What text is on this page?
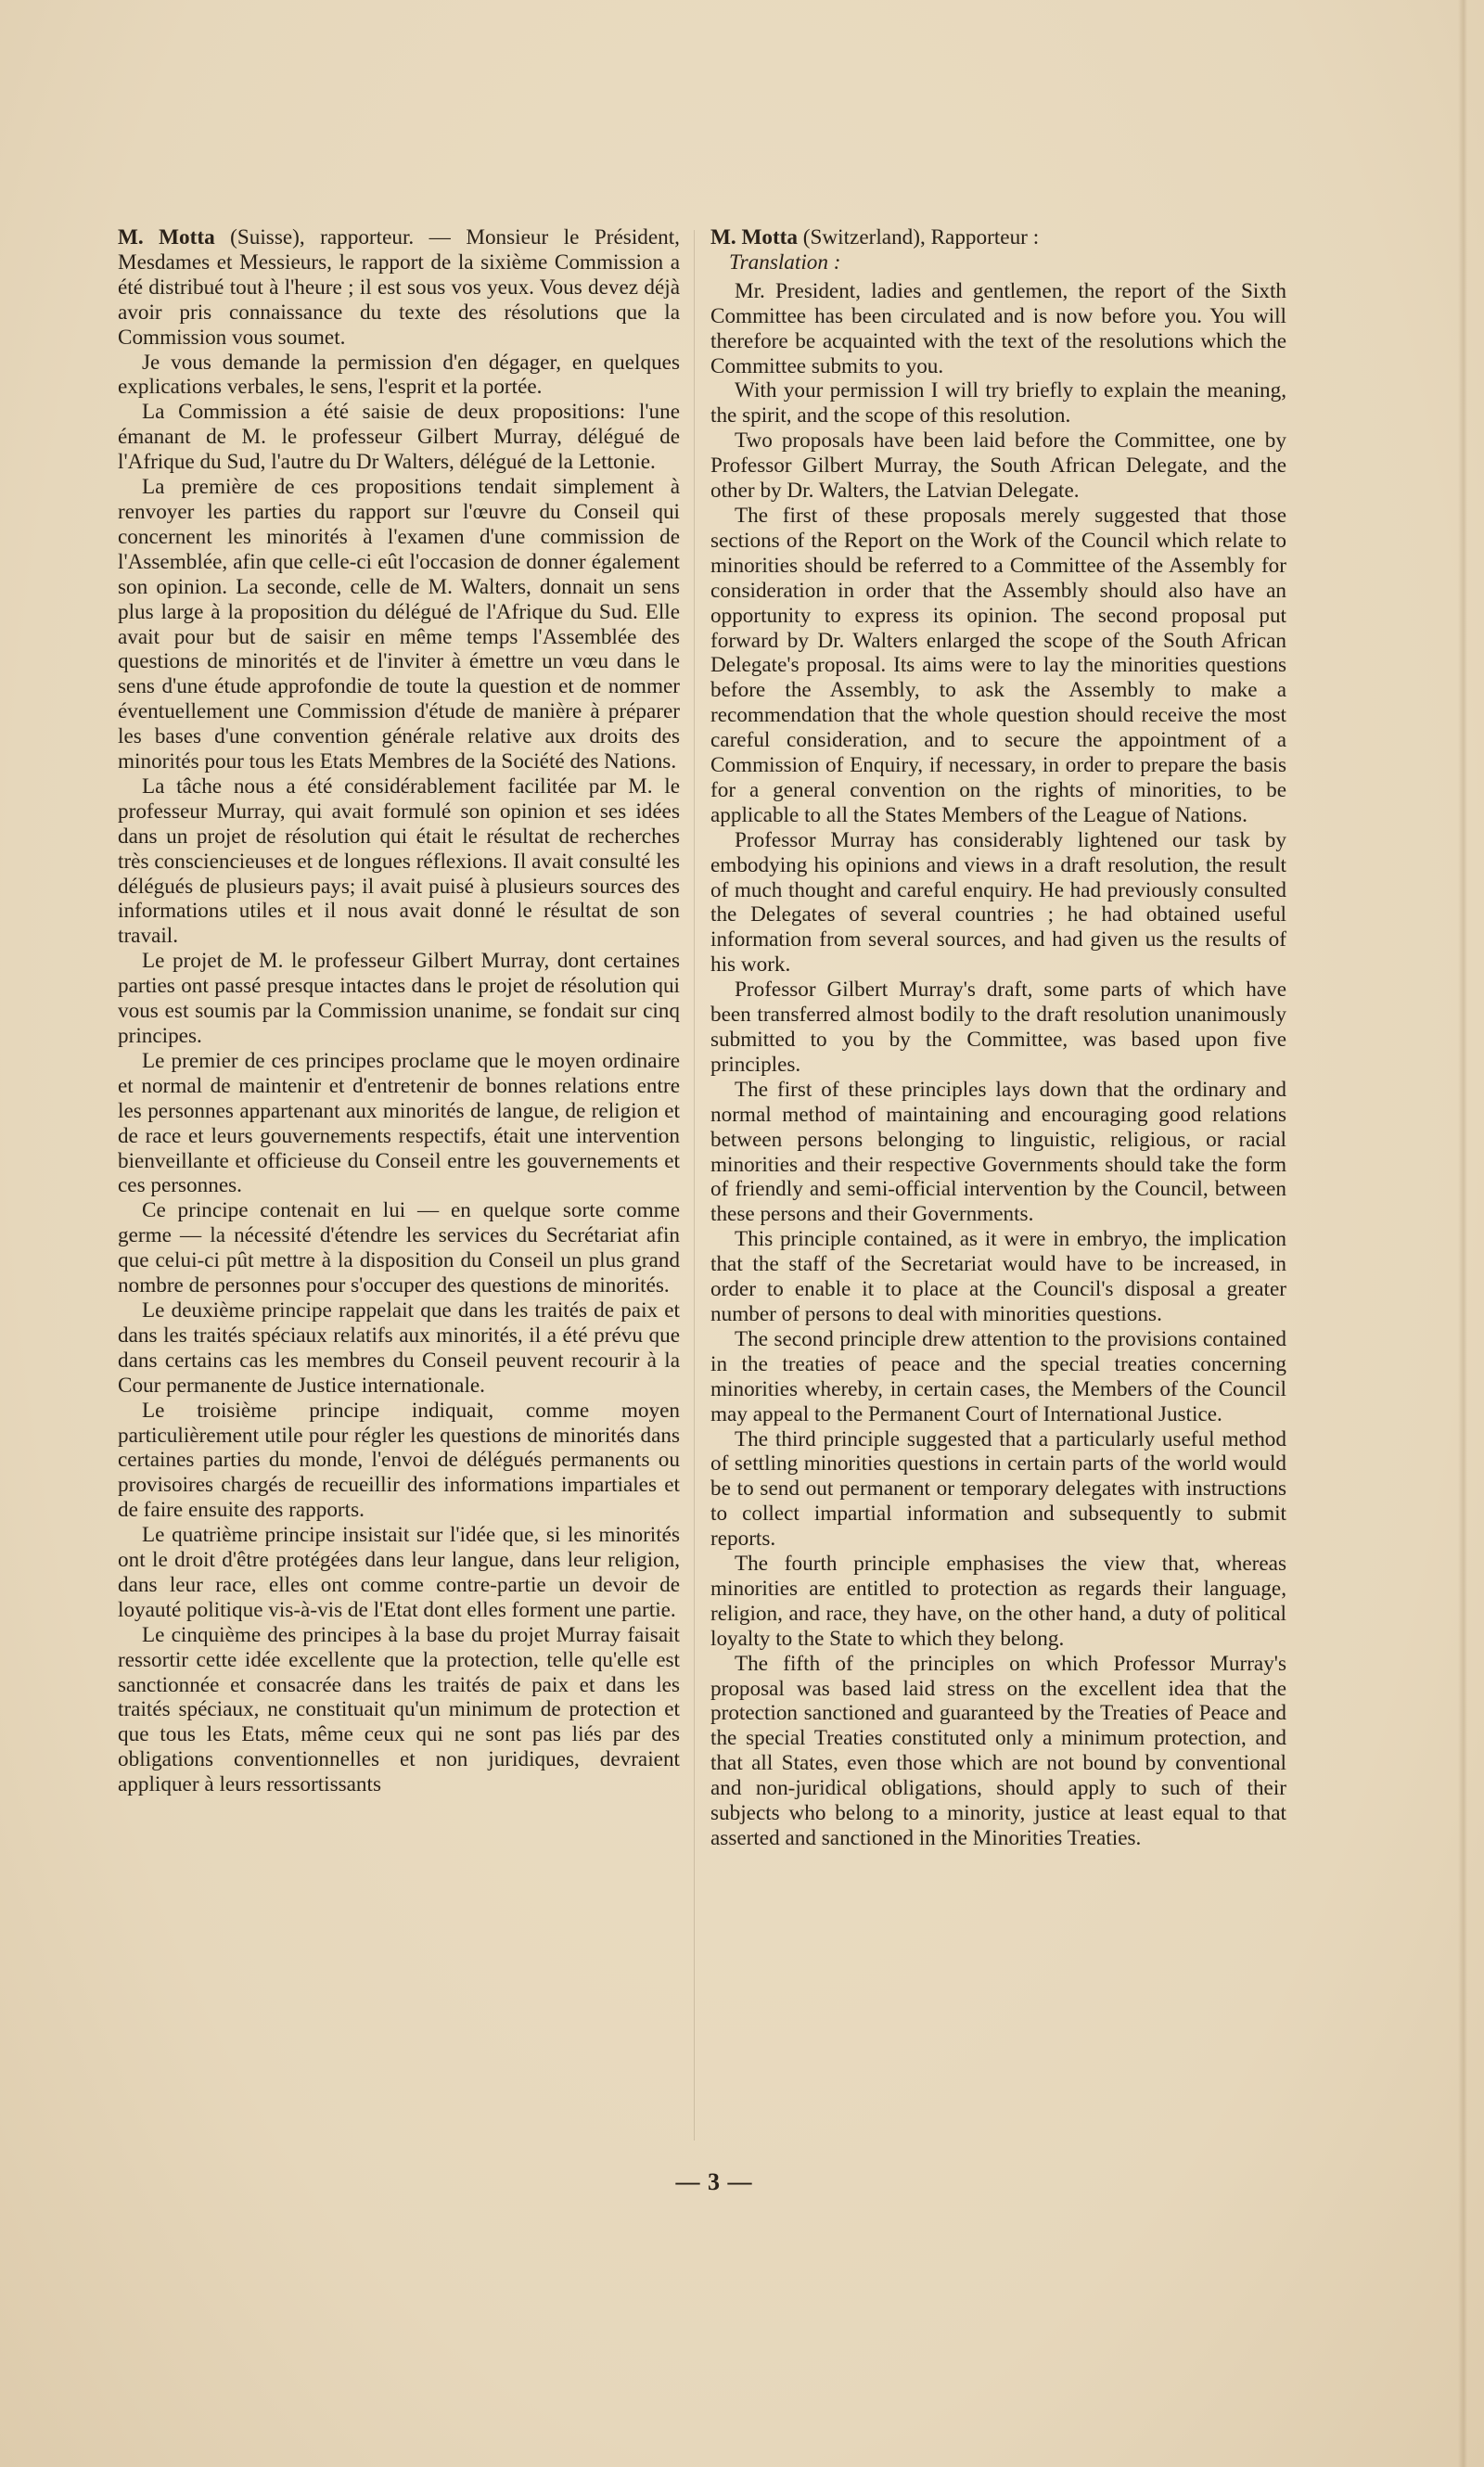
M. Motta (Suisse), rapporteur. — Monsieur le Président, Mesdames et Messieurs, le rapport de la sixième Commission a été distribué tout à l'heure ; il est sous vos yeux. Vous devez déjà avoir pris connaissance du texte des résolutions que la Commission vous soumet.

Je vous demande la permission d'en dégager, en quelques explications verbales, le sens, l'esprit et la portée.

La Commission a été saisie de deux propositions: l'une émanant de M. le professeur Gilbert Murray, délégué de l'Afrique du Sud, l'autre du Dr Walters, délégué de la Lettonie.

La première de ces propositions tendait simplement à renvoyer les parties du rapport sur l'œuvre du Conseil qui concernent les minorités à l'examen d'une commission de l'Assemblée, afin que celle-ci eût l'occasion de donner également son opinion. La seconde, celle de M. Walters, donnait un sens plus large à la proposition du délégué de l'Afrique du Sud. Elle avait pour but de saisir en même temps l'Assemblée des questions de minorités et de l'inviter à émettre un vœu dans le sens d'une étude approfondie de toute la question et de nommer éventuellement une Commission d'étude de manière à préparer les bases d'une convention générale relative aux droits des minorités pour tous les Etats Membres de la Société des Nations.

La tâche nous a été considérablement facilitée par M. le professeur Murray, qui avait formulé son opinion et ses idées dans un projet de résolution qui était le résultat de recherches très consciencieuses et de longues réflexions. Il avait consulté les délégués de plusieurs pays; il avait puisé à plusieurs sources des informations utiles et il nous avait donné le résultat de son travail.

Le projet de M. le professeur Gilbert Murray, dont certaines parties ont passé presque intactes dans le projet de résolution qui vous est soumis par la Commission unanime, se fondait sur cinq principes.

Le premier de ces principes proclame que le moyen ordinaire et normal de maintenir et d'entretenir de bonnes relations entre les personnes appartenant aux minorités de langue, de religion et de race et leurs gouvernements respectifs, était une intervention bienveillante et officieuse du Conseil entre les gouvernements et ces personnes.

Ce principe contenait en lui — en quelque sorte comme germe — la nécessité d'étendre les services du Secrétariat afin que celui-ci pût mettre à la disposition du Conseil un plus grand nombre de personnes pour s'occuper des questions de minorités.

Le deuxième principe rappelait que dans les traités de paix et dans les traités spéciaux relatifs aux minorités, il a été prévu que dans certains cas les membres du Conseil peuvent recourir à la Cour permanente de Justice internationale.

Le troisième principe indiquait, comme moyen particulièrement utile pour régler les questions de minorités dans certaines parties du monde, l'envoi de délégués permanents ou provisoires chargés de recueillir des informations impartiales et de faire ensuite des rapports.

Le quatrième principe insistait sur l'idée que, si les minorités ont le droit d'être protégées dans leur langue, dans leur religion, dans leur race, elles ont comme contre-partie un devoir de loyauté politique vis-à-vis de l'Etat dont elles forment une partie.

Le cinquième des principes à la base du projet Murray faisait ressortir cette idée excellente que la protection, telle qu'elle est sanctionnée et consacrée dans les traités de paix et dans les traités spéciaux, ne constituait qu'un minimum de protection et que tous les Etats, même ceux qui ne sont pas liés par des obligations conventionnelles et non juridiques, devraient appliquer à leurs ressortissants

M. Motta (Switzerland), Rapporteur :

Translation :

Mr. President, ladies and gentlemen, the report of the Sixth Committee has been circulated and is now before you. You will therefore be acquainted with the text of the resolutions which the Committee submits to you.

With your permission I will try briefly to explain the meaning, the spirit, and the scope of this resolution.

Two proposals have been laid before the Committee, one by Professor Gilbert Murray, the South African Delegate, and the other by Dr. Walters, the Latvian Delegate.

The first of these proposals merely suggested that those sections of the Report on the Work of the Council which relate to minorities should be referred to a Committee of the Assembly for consideration in order that the Assembly should also have an opportunity to express its opinion. The second proposal put forward by Dr. Walters enlarged the scope of the South African Delegate's proposal. Its aims were to lay the minorities questions before the Assembly, to ask the Assembly to make a recommendation that the whole question should receive the most careful consideration, and to secure the appointment of a Commission of Enquiry, if necessary, in order to prepare the basis for a general convention on the rights of minorities, to be applicable to all the States Members of the League of Nations.

Professor Murray has considerably lightened our task by embodying his opinions and views in a draft resolution, the result of much thought and careful enquiry. He had previously consulted the Delegates of several countries ; he had obtained useful information from several sources, and had given us the results of his work.

Professor Gilbert Murray's draft, some parts of which have been transferred almost bodily to the draft resolution unanimously submitted to you by the Committee, was based upon five principles.

The first of these principles lays down that the ordinary and normal method of maintaining and encouraging good relations between persons belonging to linguistic, religious, or racial minorities and their respective Governments should take the form of friendly and semi-official intervention by the Council, between these persons and their Governments.

This principle contained, as it were in embryo, the implication that the staff of the Secretariat would have to be increased, in order to enable it to place at the Council's disposal a greater number of persons to deal with minorities questions.

The second principle drew attention to the provisions contained in the treaties of peace and the special treaties concerning minorities whereby, in certain cases, the Members of the Council may appeal to the Permanent Court of International Justice.

The third principle suggested that a particularly useful method of settling minorities questions in certain parts of the world would be to send out permanent or temporary delegates with instructions to collect impartial information and subsequently to submit reports.

The fourth principle emphasises the view that, whereas minorities are entitled to protection as regards their language, religion, and race, they have, on the other hand, a duty of political loyalty to the State to which they belong.

The fifth of the principles on which Professor Murray's proposal was based laid stress on the excellent idea that the protection sanctioned and guaranteed by the Treaties of Peace and the special Treaties constituted only a minimum protection, and that all States, even those which are not bound by conventional and non-juridical obligations, should apply to such of their subjects who belong to a minority, justice at least equal to that asserted and sanctioned in the Minorities Treaties.

— 3 —
